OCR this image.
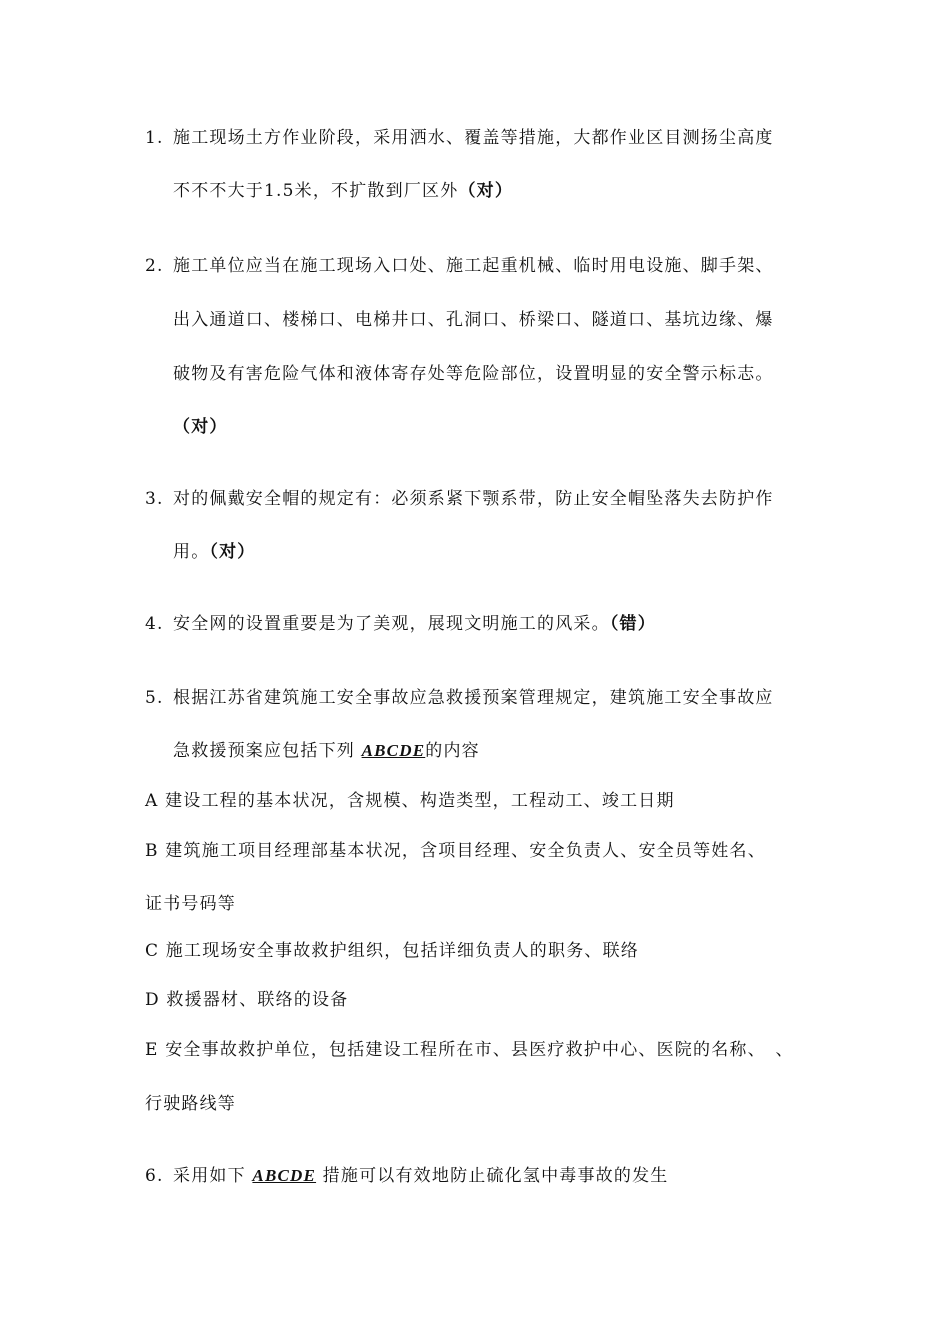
1. 施工现场土方作业阶段，采用洒水、覆盖等措施，大都作业区目测扬尘高度
不不不大于1.5米，不扩散到厂区外（对）
2. 施工单位应当在施工现场入口处、施工起重机械、临时用电设施、脚手架、
出入通道口、楼梯口、电梯井口、孔洞口、桥梁口、隧道口、基坑边缘、爆
破物及有害危险气体和液体寄存处等危险部位，设置明显的安全警示标志。
（对）
3. 对的佩戴安全帽的规定有：必须系紧下颚系带，防止安全帽坠落失去防护作
用。（对）
4. 安全网的设置重要是为了美观，展现文明施工的风采。（错）
5. 根据江苏省建筑施工安全事故应急救援预案管理规定，建筑施工安全事故应
急救援预案应包括下列 ABCDE的内容
A 建设工程的基本状况，含规模、构造类型，工程动工、竣工日期
B 建筑施工项目经理部基本状况，含项目经理、安全负责人、安全员等姓名、
证书号码等
C 施工现场安全事故救护组织，包括详细负责人的职务、联络
D 救援器材、联络的设备
E 安全事故救护单位，包括建设工程所在市、县医疗救护中心、医院的名称、　、
行驶路线等
6. 采用如下 ABCDE 措施可以有效地防止硫化氢中毒事故的发生
